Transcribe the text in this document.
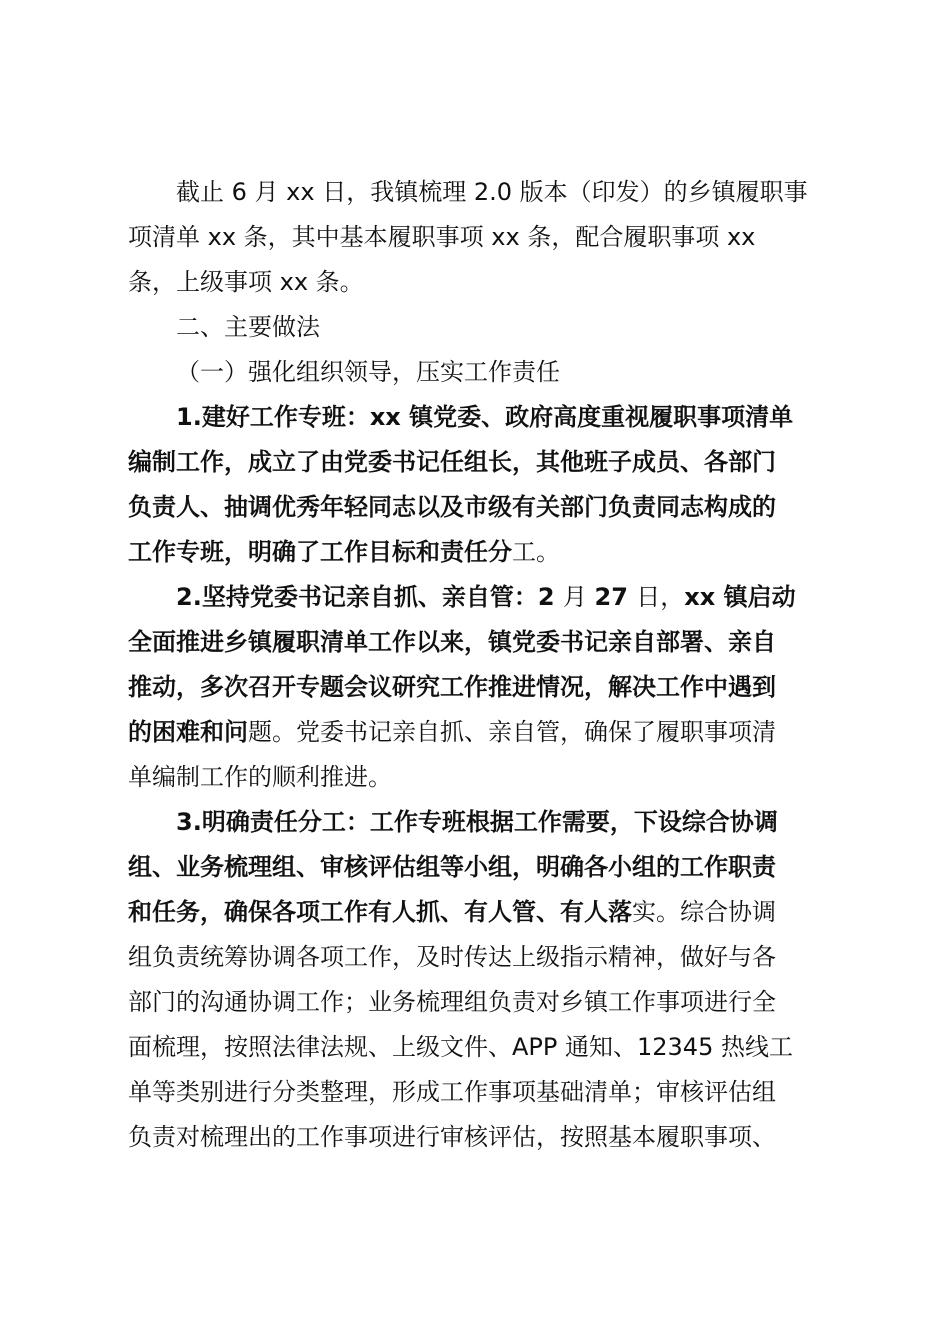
截止 6 月 xx 日，我镇梳理 2.0 版本（印发）的乡镇履职事
项清单 xx 条，其中基本履职事项 xx 条，配合履职事项 xx
条，上级事项 xx 条。
二、主要做法
（一）强化组织领导，压实工作责任
1.建好工作专班：xx 镇党委、政府高度重视履职事项清单
编制工作，成立了由党委书记任组长，其他班子成员、各部门
负责人、抽调优秀年轻同志以及市级有关部门负责同志构成的
工作专班，明确了工作目标和责任分工。
2.坚持党委书记亲自抓、亲自管：2 月 27 日，xx 镇启动
全面推进乡镇履职清单工作以来，镇党委书记亲自部署、亲自
推动，多次召开专题会议研究工作推进情况，解决工作中遇到
的困难和问题。党委书记亲自抓、亲自管，确保了履职事项清
单编制工作的顺利推进。
3.明确责任分工：工作专班根据工作需要，下设综合协调
组、业务梳理组、审核评估组等小组，明确各小组的工作职责
和任务，确保各项工作有人抓、有人管、有人落实。综合协调
组负责统筹协调各项工作，及时传达上级指示精神，做好与各
部门的沟通协调工作；业务梳理组负责对乡镇工作事项进行全
面梳理，按照法律法规、上级文件、APP 通知、12345 热线工
单等类别进行分类整理，形成工作事项基础清单；审核评估组
负责对梳理出的工作事项进行审核评估，按照基本履职事项、
